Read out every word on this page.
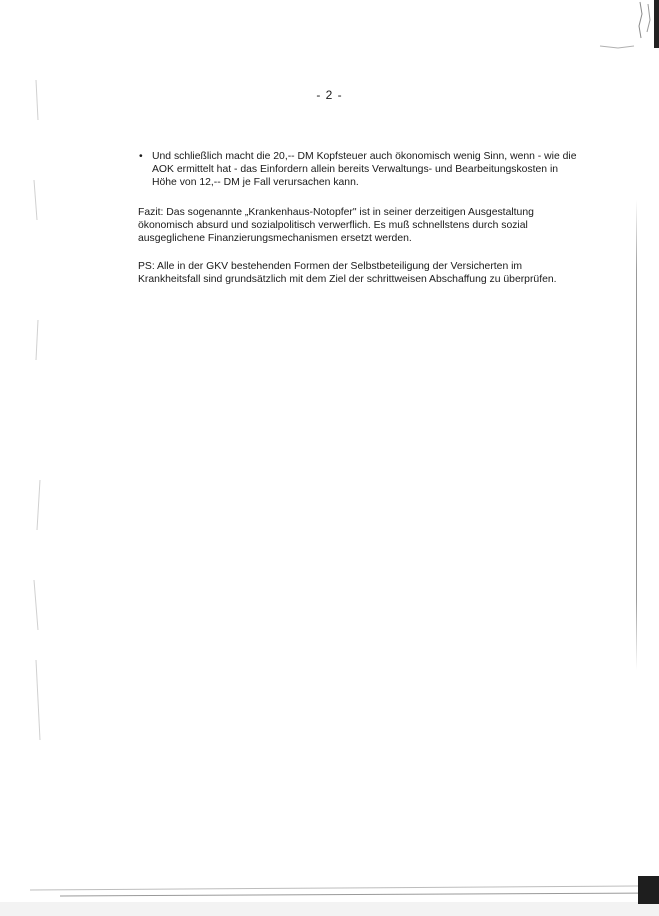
- 2 -
• Und schließlich macht die 20,-- DM Kopfsteuer auch ökonomisch wenig Sinn, wenn - wie die
AOK ermittelt hat - das Einfordern allein bereits Verwaltungs- und Bearbeitungskosten in
Höhe von 12,-- DM je Fall verursachen kann.
Fazit: Das sogenannte „Krankenhaus-Notopfer" ist in seiner derzeitigen Ausgestaltung
ökonomisch absurd und sozialpolitisch verwerflich. Es muß schnellstens durch sozial
ausgeglichene Finanzierungsmechanismen ersetzt werden.
PS: Alle in der GKV bestehenden Formen der Selbstbeteiligung der Versicherten im
Krankheitsfall sind grundsätzlich mit dem Ziel der schrittweisen Abschaffung zu überprüfen.
